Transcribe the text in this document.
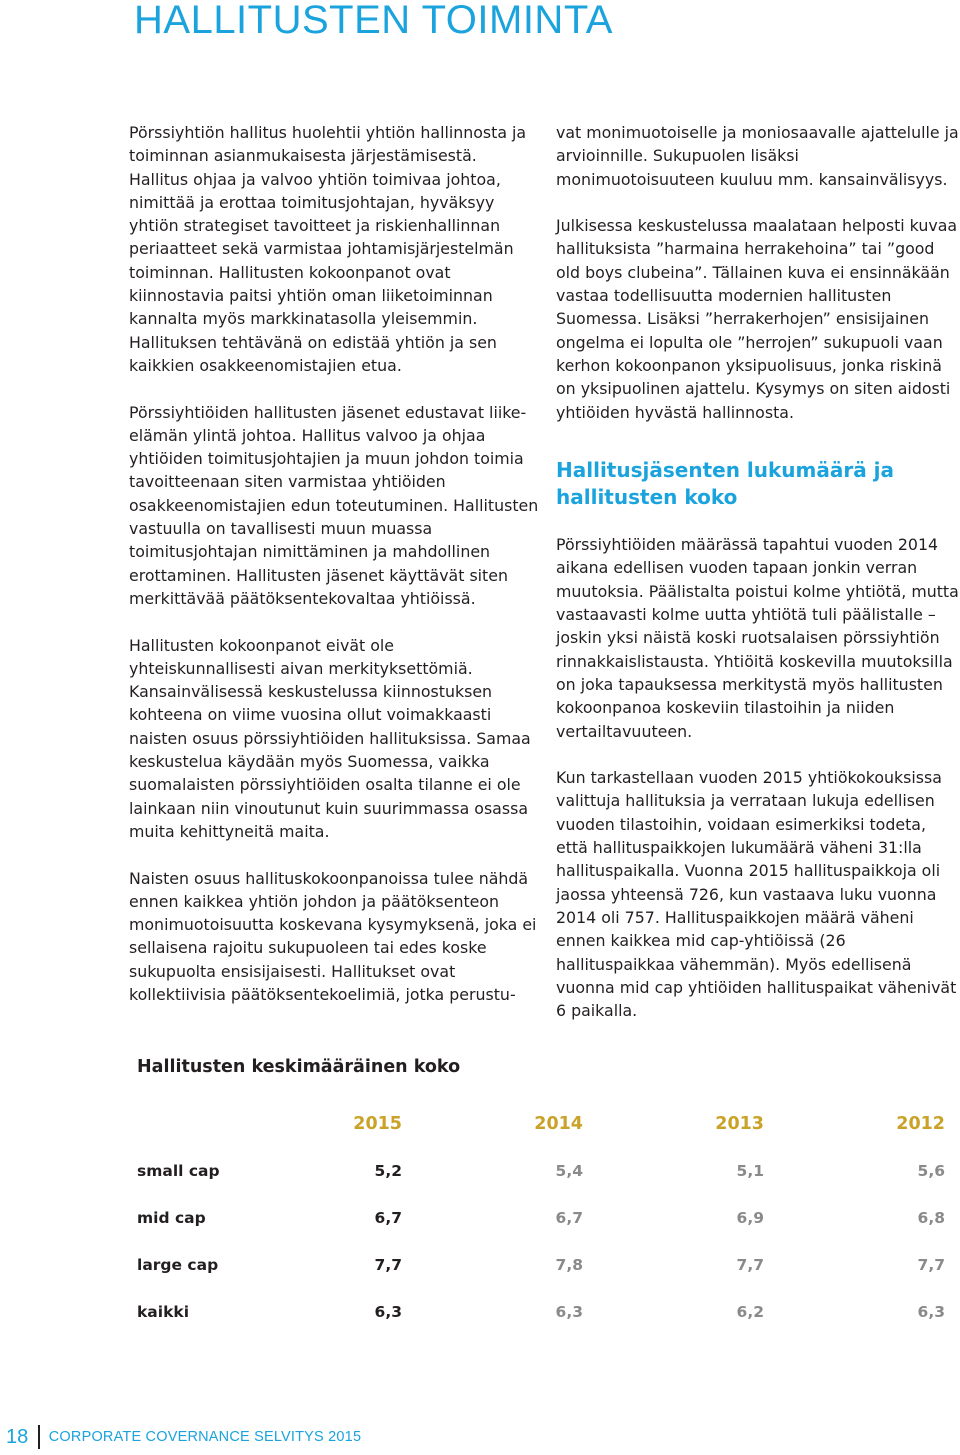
HALLITUSTEN TOIMINTA

Pörssiyhtiön hallitus huolehtii yhtiön hallinnosta ja toiminnan asianmukaisesta järjestämisestä. Hallitus ohjaa ja valvoo yhtiön toimivaa johtoa, nimittää ja erottaa toimitusjohtajan, hyväksyy yhtiön strategiset tavoitteet ja riskienhallinnan periaatteet sekä varmistaa johtamisjärjestelmän toiminnan. Hallitusten kokoonpanot ovat kiinnostavia paitsi yhtiön oman liiketoiminnan kannalta myös markkinatasolla yleisemmin. Hallituksen tehtävänä on edistää yhtiön ja sen kaikkien osakkeenomistajien etua.

Pörssiyhtiöiden hallitusten jäsenet edustavat liike-elämän ylintä johtoa. Hallitus valvoo ja ohjaa yhtiöiden toimitusjohtajien ja muun johdon toimia tavoitteenaan siten varmistaa yhtiöiden osakkeenomistajien edun toteutuminen. Hallitusten vastuulla on tavallisesti muun muassa toimitusjohtajan nimittäminen ja mahdollinen erottaminen. Hallitusten jäsenet käyttävät siten merkittävää päätöksentekovaltaa yhtiöissä.

Hallitusten kokoonpanot eivät ole yhteiskunnallisesti aivan merkityksettömiä. Kansainvälisessä keskustelussa kiinnostuksen kohteena on viime vuosina ollut voimakkaasti naisten osuus pörssiyhtiöiden hallituksissa. Samaa keskustelua käydään myös Suomessa, vaikka suomalaisten pörssiyhtiöiden osalta tilanne ei ole lainkaan niin vinoutunut kuin suurimmassa osassa muita kehittyneitä maita.

Naisten osuus hallituskokoonpanoissa tulee nähdä ennen kaikkea yhtiön johdon ja päätöksenteon monimuotoisuutta koskevana kysymyksenä, joka ei sellaisena rajoitu sukupuoleen tai edes koske sukupuolta ensisijaisesti. Hallitukset ovat kollektiivisia päätöksentekoelimiä, jotka perustu-

vat monimuotoiselle ja moniosaavalle ajattelulle ja arvioinnille. Sukupuolen lisäksi monimuotoisuuteen kuuluu mm. kansainvälisyys.

Julkisessa keskustelussa maalataan helposti kuvaa hallituksista ”harmaina herrakehoina” tai ”good old boys clubeina”. Tällainen kuva ei ensinnäkään vastaa todellisuutta modernien hallitusten Suomessa. Lisäksi ”herrakerhojen” ensisijainen ongelma ei lopulta ole ”herrojen” sukupuoli vaan kerhon kokoonpanon yksipuolisuus, jonka riskinä on yksipuolinen ajattelu. Kysymys on siten aidosti yhtiöiden hyvästä hallinnosta.

Hallitusjäsenten lukumäärä ja hallitusten koko

Pörssiyhtiöiden määrässä tapahtui vuoden 2014 aikana edellisen vuoden tapaan jonkin verran muutoksia. Päälistalta poistui kolme yhtiötä, mutta vastaavasti kolme uutta yhtiötä tuli päälistalle – joskin yksi näistä koski ruotsalaisen pörssiyhtiön rinnakkaislistausta. Yhtiöitä koskevilla muutoksilla on joka tapauksessa merkitystä myös hallitusten kokoonpanoa koskeviin tilastoihin ja niiden vertailtavuuteen.

Kun tarkastellaan vuoden 2015 yhtiökokouksissa valittuja hallituksia ja verrataan lukuja edellisen vuoden tilastoihin, voidaan esimerkiksi todeta, että hallituspaikkojen lukumäärä väheni 31:lla hallituspaikalla. Vuonna 2015 hallituspaikkoja oli jaossa yhteensä 726, kun vastaava luku vuonna 2014 oli 757. Hallituspaikkojen määrä väheni ennen kaikkea mid cap-yhtiöissä (26 hallituspaikkaa vähemmän). Myös edellisenä vuonna mid cap yhtiöiden hallituspaikat vähenivät 6 paikalla.

Hallitusten keskimääräinen koko
	2015	2014	2013	2012
small cap	5,2	5,4	5,1	5,6
mid cap	6,7	6,7	6,9	6,8
large cap	7,7	7,8	7,7	7,7
kaikki	6,3	6,3	6,2	6,3
18 CORPORATE COVERNANCE SELVITYS 2015
